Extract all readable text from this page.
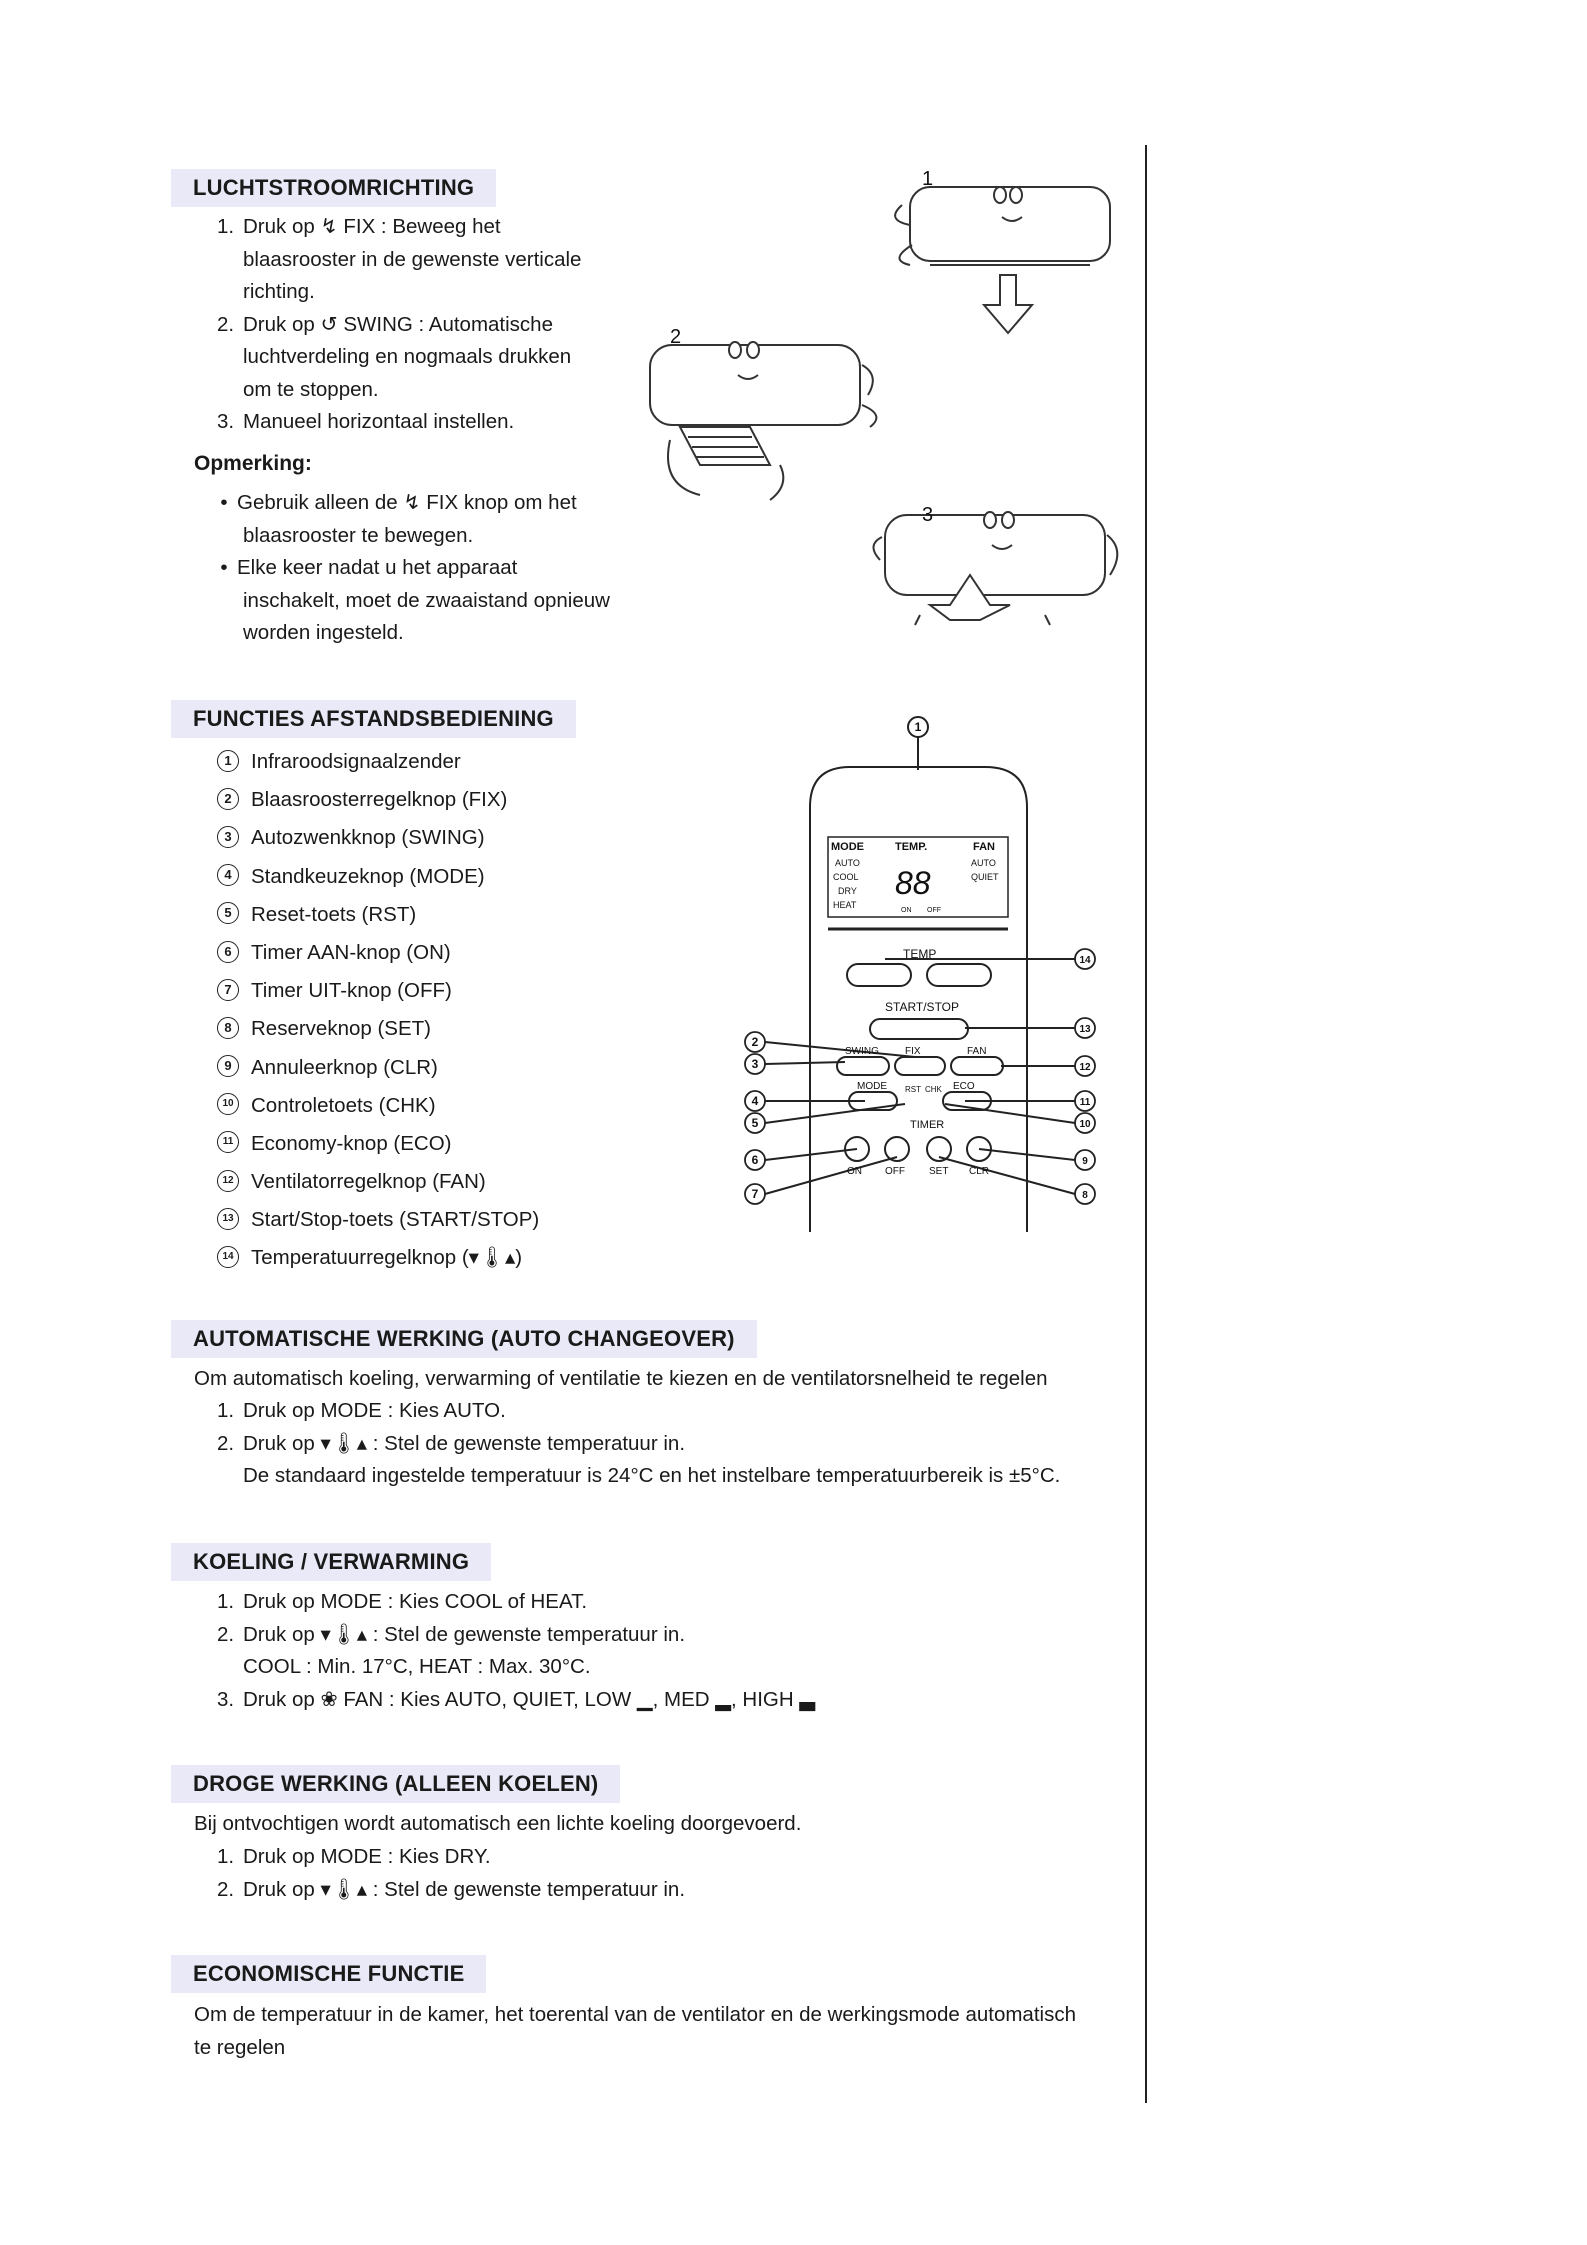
LUCHTSTROOMRICHTING
1. Druk op ↯ FIX : Beweeg het
blaasrooster in de gewenste verticale
richting.
2. Druk op ↺ SWING : Automatische
luchtverdeling en nogmaals drukken
om te stoppen.
3. Manueel horizontaal instellen.
Opmerking:
• Gebruik alleen de ↯ FIX knop om het
blaasrooster te bewegen.
• Elke keer nadat u het apparaat
inschakelt, moet de zwaaistand opnieuw
worden ingesteld.
1
2
3
FUNCTIES AFSTANDSBEDIENING
1 Infraroodsignaalzender
2 Blaasroosterregelknop (FIX)
3 Autozwenkknop (SWING)
4 Standkeuzeknop (MODE)
5 Reset-toets (RST)
6 Timer AAN-knop (ON)
7 Timer UIT-knop (OFF)
8 Reserveknop (SET)
9 Annuleerknop (CLR)
10 Controletoets (CHK)
11 Economy-knop (ECO)
12 Ventilatorregelknop (FAN)
13 Start/Stop-toets (START/STOP)
14 Temperatuurregelknop (▾🌡▴)
1
2
3
4
5
6
7	8
9
10
11
12
13
14
MODE	TEMP.	FAN
AUTO
COOL
DRY
HEAT
AUTO
QUIET
88
ON OFF
TEMP
START/STOP
SWING	FIX	FAN
MODE RST CHK ECO
TIMER
ON OFF SET CLR
AUTOMATISCHE WERKING (AUTO CHANGEOVER)
Om automatisch koeling, verwarming of ventilatie te kiezen en de ventilatorsnelheid te regelen
1. Druk op MODE : Kies AUTO.
2. Druk op ▾🌡▴ : Stel de gewenste temperatuur in.
De standaard ingestelde temperatuur is 24°C en het instelbare temperatuurbereik is ±5°C.
KOELING / VERWARMING
1. Druk op MODE : Kies COOL of HEAT.
2. Druk op ▾🌡▴ : Stel de gewenste temperatuur in.
COOL : Min. 17°C, HEAT : Max. 30°C.
3. Druk op ❀ FAN : Kies AUTO, QUIET, LOW ▁, MED ▂, HIGH ▃
DROGE WERKING (ALLEEN KOELEN)
Bij ontvochtigen wordt automatisch een lichte koeling doorgevoerd.
1. Druk op MODE : Kies DRY.
2. Druk op ▾🌡▴ : Stel de gewenste temperatuur in.
ECONOMISCHE FUNCTIE
Om de temperatuur in de kamer, het toerental van de ventilator en de werkingsmode automatisch
te regelen
